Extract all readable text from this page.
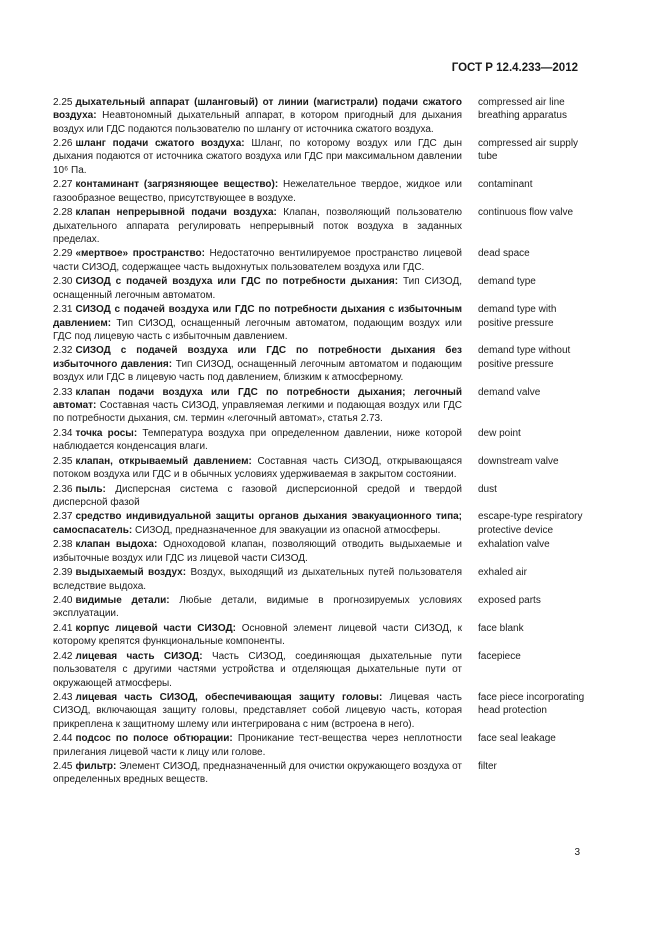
ГОСТ Р 12.4.233—2012
2.25 дыхательный аппарат (шланговый) от линии (магистрали) подачи сжатого воздуха: Неавтономный дыхательный аппарат, в котором пригодный для дыхания воздух или ГДС подаются пользователю по шлангу от источника сжатого воздуха.
compressed air line breathing apparatus
2.26 шланг подачи сжатого воздуха: Шланг, по которому воздух или ГДС дын дыхания подаются от источника сжатого воздуха или ГДС при максимальном давлении 10⁶ Па.
compressed air supply tube
2.27 контаминант (загрязняющее вещество): Нежелательное твердое, жидкое или газообразное вещество, присутствующее в воздухе.
contaminant
2.28 клапан непрерывной подачи воздуха: Клапан, позволяющий пользователю дыхательного аппарата регулировать непрерывный поток воздуха в заданных пределах.
continuous flow valve
2.29 «мертвое» пространство: Недостаточно вентилируемое пространство лицевой части СИЗОД, содержащее часть выдохнутых пользователем воздуха или ГДС.
dead space
2.30 СИЗОД с подачей воздуха или ГДС по потребности дыхания: Тип СИЗОД, оснащенный легочным автоматом.
demand type
2.31 СИЗОД с подачей воздуха или ГДС по потребности дыхания с избыточным давлением: Тип СИЗОД, оснащенный легочным автоматом, подающим воздух или ГДС под лицевую часть с избыточным давлением.
demand type with positive pressure
2.32 СИЗОД с подачей воздуха или ГДС по потребности дыхания без избыточного давления: Тип СИЗОД, оснащенный легочным автоматом и подающим воздух или ГДС в лицевую часть под давлением, близким к атмосферному.
demand type without positive pressure
2.33 клапан подачи воздуха или ГДС по потребности дыхания; легочный автомат: Составная часть СИЗОД, управляемая легкими и подающая воздух или ГДС по потребности дыхания, см. термин «легочный автомат», статья 2.73.
demand valve
2.34 точка росы: Температура воздуха при определенном давлении, ниже которой наблюдается конденсация влаги.
dew point
2.35 клапан, открываемый давлением: Составная часть СИЗОД, открывающаяся потоком воздуха или ГДС и в обычных условиях удерживаемая в закрытом состоянии.
downstream valve
2.36 пыль: Дисперсная система с газовой дисперсионной средой и твердой дисперсной фазой
dust
2.37 средство индивидуальной защиты органов дыхания эвакуационного типа; самоспасатель: СИЗОД, предназначенное для эвакуации из опасной атмосферы.
escape-type respiratory protective device
2.38 клапан выдоха: Одноходовой клапан, позволяющий отводить выдыхаемые и избыточные воздух или ГДС из лицевой части СИЗОД.
exhalation valve
2.39 выдыхаемый воздух: Воздух, выходящий из дыхательных путей пользователя вследствие выдоха.
exhaled air
2.40 видимые детали: Любые детали, видимые в прогнозируемых условиях эксплуатации.
exposed parts
2.41 корпус лицевой части СИЗОД: Основной элемент лицевой части СИЗОД, к которому крепятся функциональные компоненты.
face blank
2.42 лицевая часть СИЗОД: Часть СИЗОД, соединяющая дыхательные пути пользователя с другими частями устройства и отделяющая дыхательные пути от окружающей атмосферы.
facepiece
2.43 лицевая часть СИЗОД, обеспечивающая защиту головы: Лицевая часть СИЗОД, включающая защиту головы, представляет собой лицевую часть, которая прикреплена к защитному шлему или интегрирована с ним (встроена в него).
face piece incorporating head protection
2.44 подсос по полосе обтюрации: Проникание тест-вещества через неплотности прилегания лицевой части к лицу или голове.
face seal leakage
2.45 фильтр: Элемент СИЗОД, предназначенный для очистки окружающего воздуха от определенных вредных веществ.
filter
3
